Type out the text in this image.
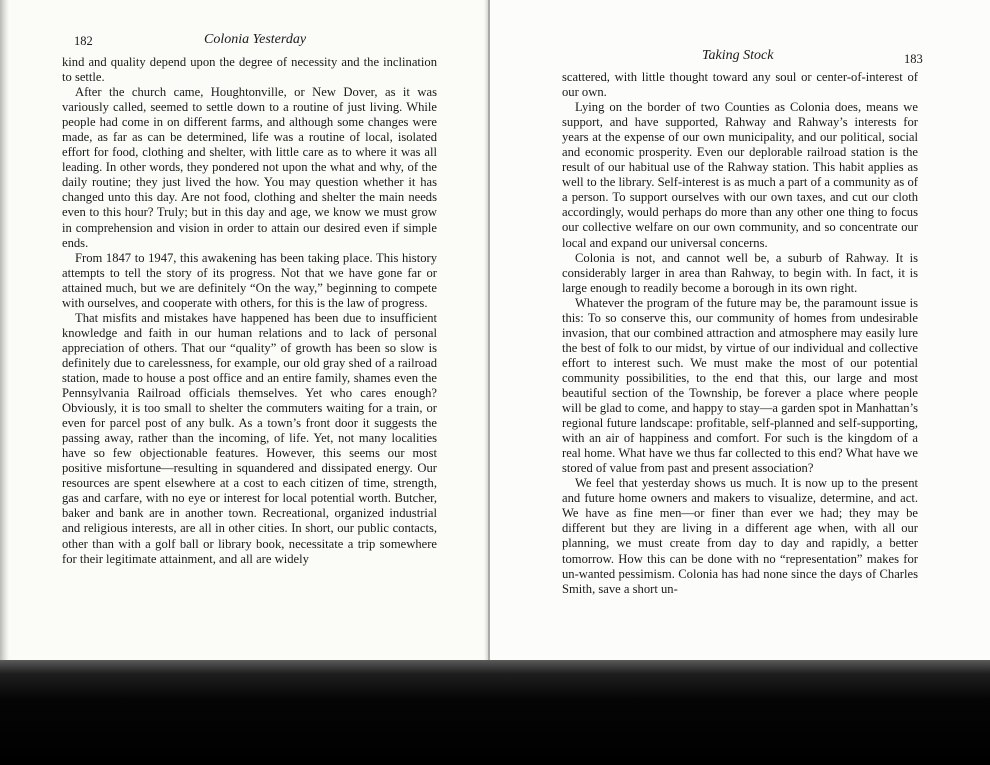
182	Colonia Yesterday

kind and quality depend upon the degree of necessity and the inclination to settle.

After the church came, Houghtonville, or New Dover, as it was variously called, seemed to settle down to a routine of just living. While people had come in on different farms, and although some changes were made, as far as can be determined, life was a routine of local, isolated effort for food, clothing and shelter, with little care as to where it was all leading. In other words, they pondered not upon the what and why, of the daily routine; they just lived the how. You may question whether it has changed unto this day. Are not food, clothing and shelter the main needs even to this hour? Truly; but in this day and age, we know we must grow in comprehension and vision in order to attain our desired even if simple ends.

From 1847 to 1947, this awakening has been taking place. This history attempts to tell the story of its progress. Not that we have gone far or attained much, but we are definitely “On the way,” beginning to compete with ourselves, and cooperate with others, for this is the law of progress.

That misfits and mistakes have happened has been due to insufficient knowledge and faith in our human relations and to lack of personal appreciation of others. That our “quality” of growth has been so slow is definitely due to carelessness, for example, our old gray shed of a railroad station, made to house a post office and an entire family, shames even the Pennsylvania Railroad officials themselves. Yet who cares enough? Obviously, it is too small to shelter the commuters waiting for a train, or even for parcel post of any bulk. As a town’s front door it suggests the passing away, rather than the incoming, of life. Yet, not many localities have so few objectionable features. However, this seems our most positive misfortune—resulting in squandered and dissipated energy. Our resources are spent elsewhere at a cost to each citizen of time, strength, gas and carfare, with no eye or interest for local potential worth. Butcher, baker and bank are in another town. Recreational, organized industrial and religious interests, are all in other cities. In short, our public contacts, other than with a golf ball or library book, necessitate a trip somewhere for their legitimate attainment, and all are widely

Taking Stock	183

scattered, with little thought toward any soul or center-of-interest of our own.

Lying on the border of two Counties as Colonia does, means we support, and have supported, Rahway and Rahway’s interests for years at the expense of our own municipality, and our political, social and economic prosperity. Even our deplorable railroad station is the result of our habitual use of the Rahway station. This habit applies as well to the library. Self-interest is as much a part of a community as of a person. To support ourselves with our own taxes, and cut our cloth accordingly, would perhaps do more than any other one thing to focus our collective welfare on our own community, and so concentrate our local and expand our universal concerns.

Colonia is not, and cannot well be, a suburb of Rahway. It is considerably larger in area than Rahway, to begin with. In fact, it is large enough to readily become a borough in its own right.

Whatever the program of the future may be, the paramount issue is this: To so conserve this, our community of homes from undesirable invasion, that our combined attraction and atmosphere may easily lure the best of folk to our midst, by virtue of our individual and collective effort to interest such. We must make the most of our potential community possibilities, to the end that this, our large and most beautiful section of the Township, be forever a place where people will be glad to come, and happy to stay—a garden spot in Manhattan’s regional future landscape: profitable, self-planned and self-supporting, with an air of happiness and comfort. For such is the kingdom of a real home. What have we thus far collected to this end? What have we stored of value from past and present association?

We feel that yesterday shows us much. It is now up to the present and future home owners and makers to visualize, determine, and act. We have as fine men—or finer than ever we had; they may be different but they are living in a different age when, with all our planning, we must create from day to day and rapidly, a better tomorrow. How this can be done with no “representation” makes for un-wanted pessimism. Colonia has had none since the days of Charles Smith, save a short un-
